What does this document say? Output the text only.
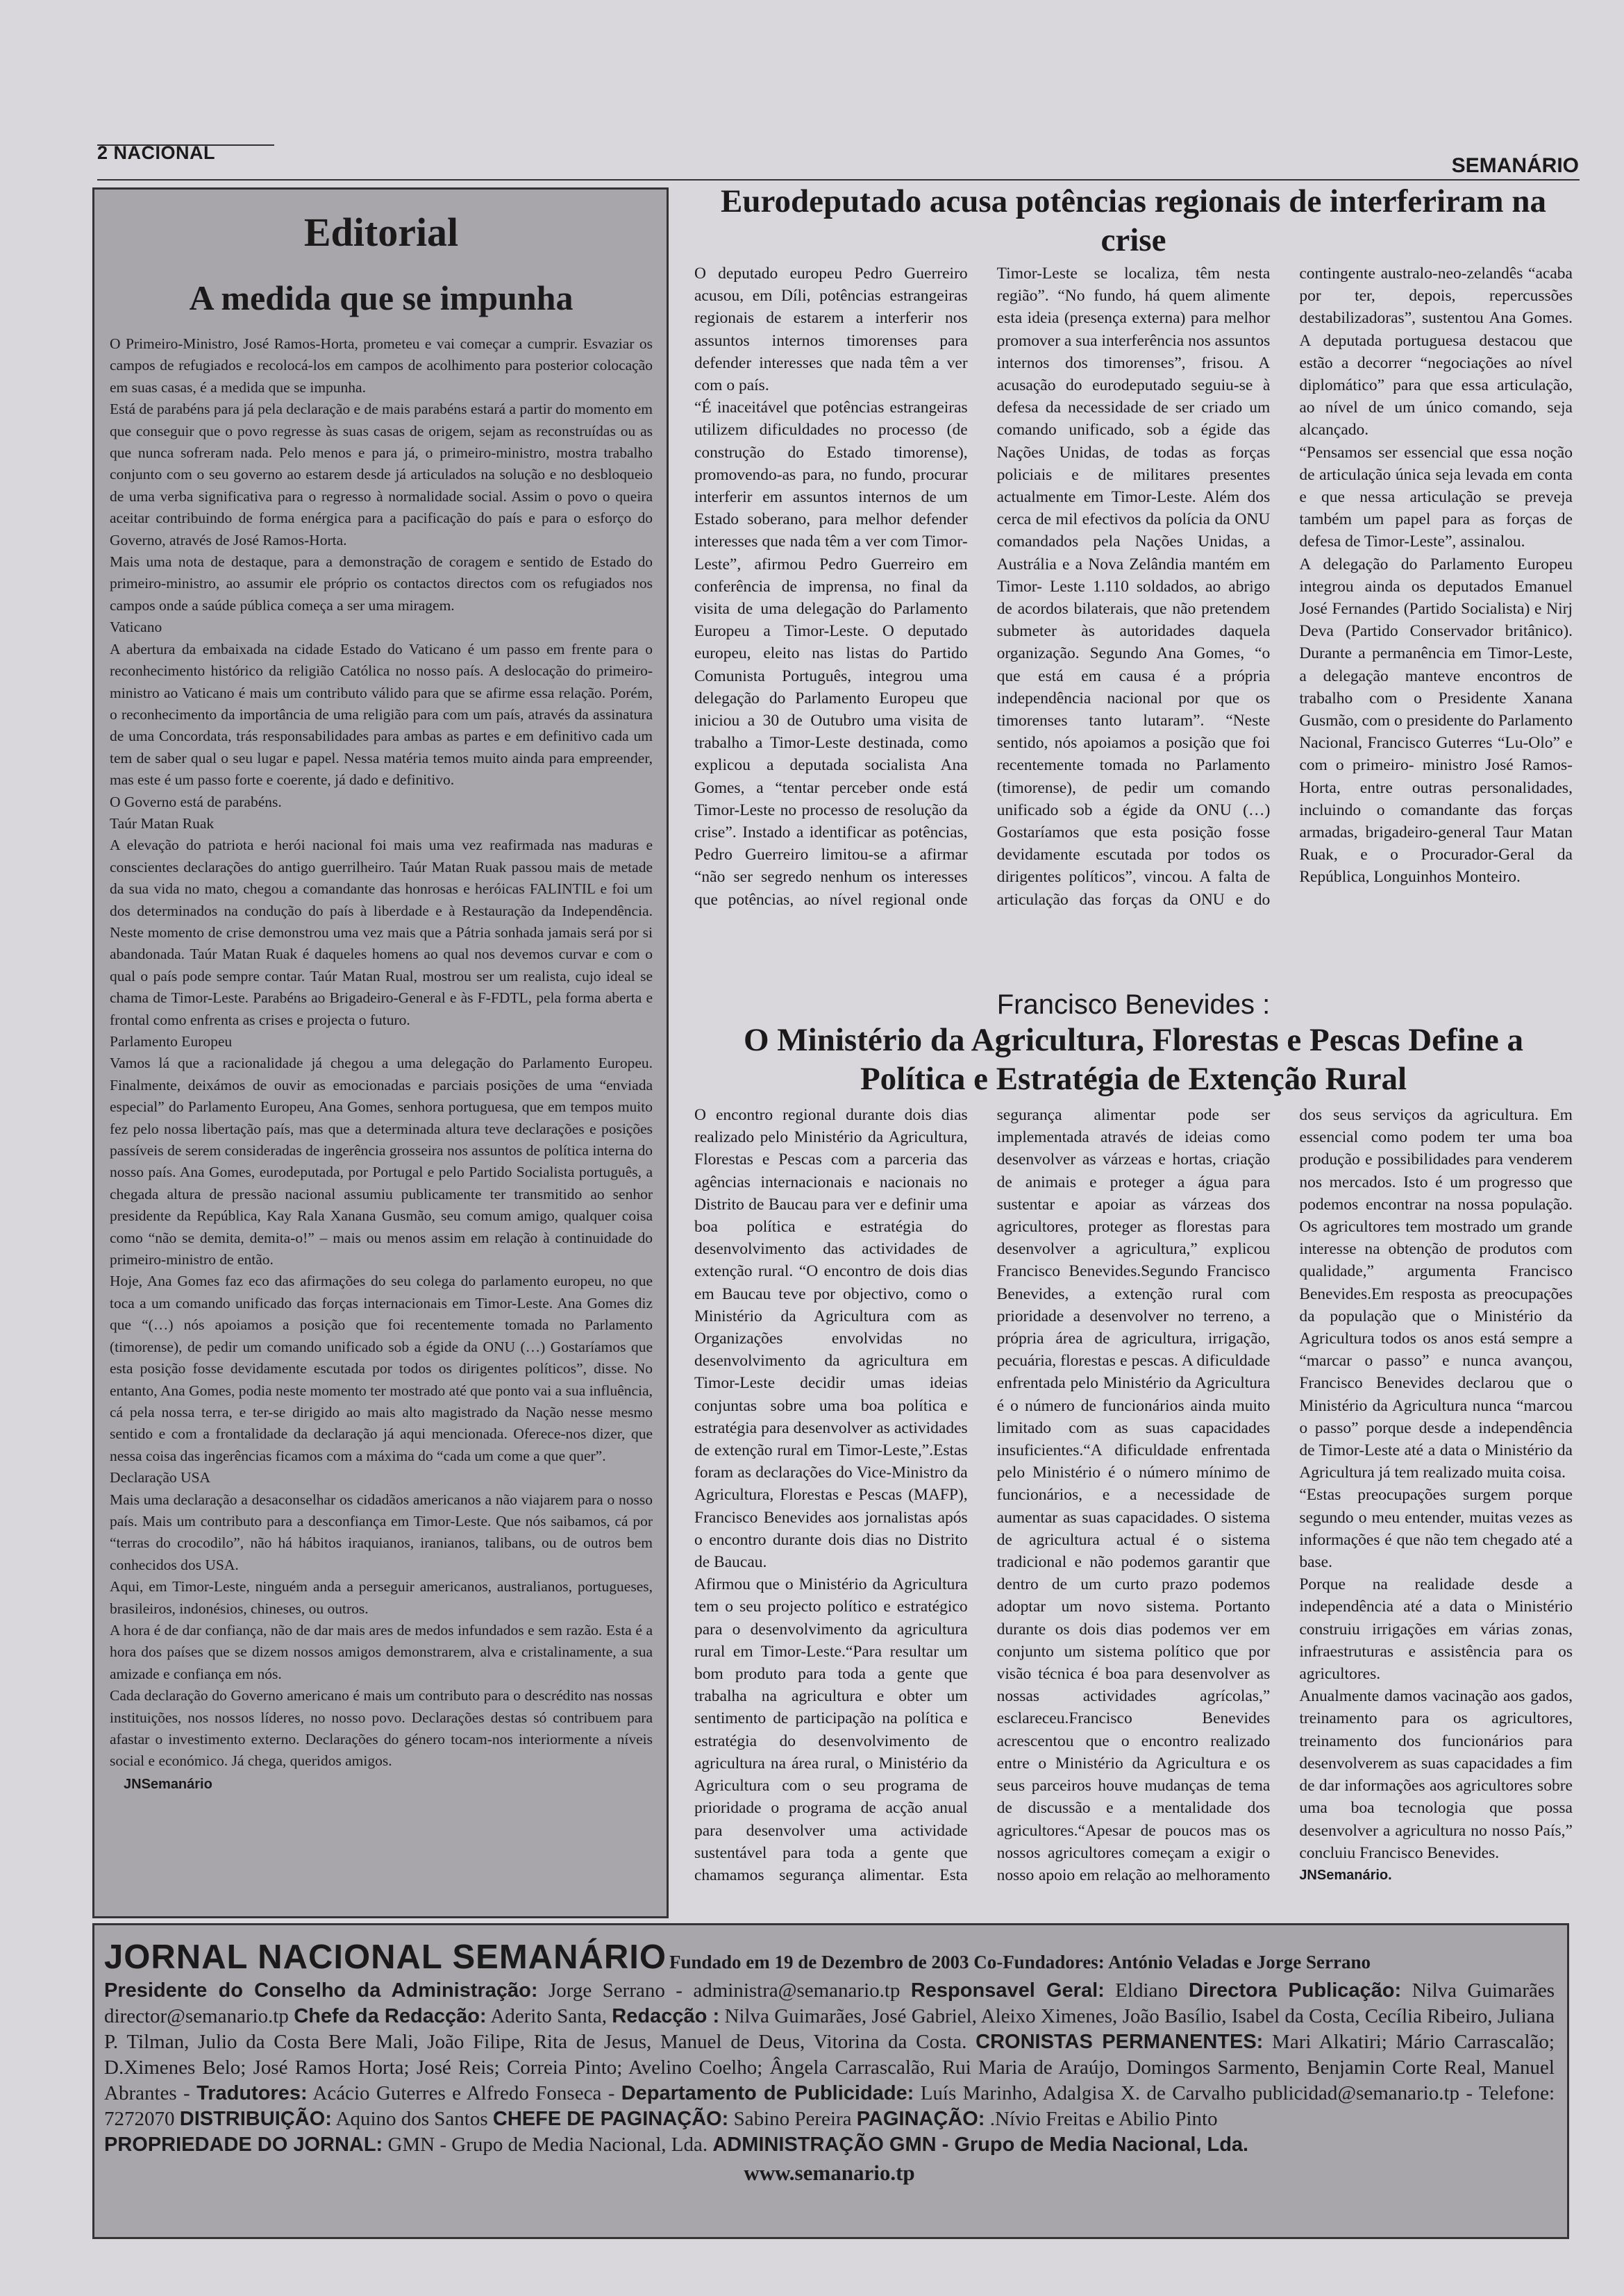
2 NACIONAL
SEMANÁRIO
Editorial
A medida que se impunha

O Primeiro-Ministro, José Ramos-Horta, prometeu e vai começar a cumprir. Esvaziar os campos de refugiados e recolocá-los em campos de acolhimento para posterior colocação em suas casas, é a medida que se impunha.

Está de parabéns para já pela declaração e de mais parabéns estará a partir do momento em que conseguir que o povo regresse às suas casas de origem, sejam as reconstruídas ou as que nunca sofreram nada. Pelo menos e para já, o primeiro-ministro, mostra trabalho conjunto com o seu governo ao estarem desde já articulados na solução e no desbloqueio de uma verba significativa para o regresso à normalidade social. Assim o povo o queira aceitar contribuindo de forma enérgica para a pacificação do país e para o esforço do Governo, através de José Ramos-Horta.

Mais uma nota de destaque, para a demonstração de coragem e sentido de Estado do primeiro-ministro, ao assumir ele próprio os contactos directos com os refugiados nos campos onde a saúde pública começa a ser uma miragem.

Vaticano

A abertura da embaixada na cidade Estado do Vaticano é um passo em frente para o reconhecimento histórico da religião Católica no nosso país. A deslocação do primeiro-ministro ao Vaticano é mais um contributo válido para que se afirme essa relação. Porém, o reconhecimento da importância de uma religião para com um país, através da assinatura de uma Concordata, trás responsabilidades para ambas as partes e em definitivo cada um tem de saber qual o seu lugar e papel. Nessa matéria temos muito ainda para empreender, mas este é um passo forte e coerente, já dado e definitivo.

O Governo está de parabéns.

Taúr Matan Ruak

A elevação do patriota e herói nacional foi mais uma vez reafirmada nas maduras e conscientes declarações do antigo guerrilheiro. Taúr Matan Ruak passou mais de metade da sua vida no mato, chegou a comandante das honrosas e heróicas FALINTIL e foi um dos determinados na condução do país à liberdade e à Restauração da Independência. Neste momento de crise demonstrou uma vez mais que a Pátria sonhada jamais será por si abandonada. Taúr Matan Ruak é daqueles homens ao qual nos devemos curvar e com o qual o país pode sempre contar. Taúr Matan Rual, mostrou ser um realista, cujo ideal se chama de Timor-Leste. Parabéns ao Brigadeiro-General e às F-FDTL, pela forma aberta e frontal como enfrenta as crises e projecta o futuro.

Parlamento Europeu

Vamos lá que a racionalidade já chegou a uma delegação do Parlamento Europeu. Finalmente, deixámos de ouvir as emocionadas e parciais posições de uma “enviada especial” do Parlamento Europeu, Ana Gomes, senhora portuguesa, que em tempos muito fez pelo nossa libertação país, mas que a determinada altura teve declarações e posições passíveis de serem consideradas de ingerência grosseira nos assuntos de política interna do nosso país. Ana Gomes, eurodeputada, por Portugal e pelo Partido Socialista português, a chegada altura de pressão nacional assumiu publicamente ter transmitido ao senhor presidente da República, Kay Rala Xanana Gusmão, seu comum amigo, qualquer coisa como “não se demita, demita-o!” – mais ou menos assim em relação à continuidade do primeiro-ministro de então.

Hoje, Ana Gomes faz eco das afirmações do seu colega do parlamento europeu, no que toca a um comando unificado das forças internacionais em Timor-Leste. Ana Gomes diz que “(…) nós apoiamos a posição que foi recentemente tomada no Parlamento (timorense), de pedir um comando unificado sob a égide da ONU (…) Gostaríamos que esta posição fosse devidamente escutada por todos os dirigentes políticos”, disse. No entanto, Ana Gomes, podia neste momento ter mostrado até que ponto vai a sua influência, cá pela nossa terra, e ter-se dirigido ao mais alto magistrado da Nação nesse mesmo sentido e com a frontalidade da declaração já aqui mencionada. Oferece-nos dizer, que nessa coisa das ingerências ficamos com a máxima do “cada um come a que quer”.

Declaração USA

Mais uma declaração a desaconselhar os cidadãos americanos a não viajarem para o nosso país. Mais um contributo para a desconfiança em Timor-Leste. Que nós saibamos, cá por “terras do crocodilo”, não há hábitos iraquianos, iranianos, talibans, ou de outros bem conhecidos dos USA.

Aqui, em Timor-Leste, ninguém anda a perseguir americanos, australianos, portugueses, brasileiros, indonésios, chineses, ou outros.

A hora é de dar confiança, não de dar mais ares de medos infundados e sem razão. Esta é a hora dos países que se dizem nossos amigos demonstrarem, alva e cristalinamente, a sua amizade e confiança em nós.

Cada declaração do Governo americano é mais um contributo para o descrédito nas nossas instituições, nos nossos líderes, no nosso povo. Declarações destas só contribuem para afastar o investimento externo. Declarações do género tocam-nos interiormente a níveis social e económico. Já chega, queridos amigos.

JNSemanário
Eurodeputado acusa potências regionais de interferiram na crise

O deputado europeu Pedro Guerreiro acusou, em Díli, potências estrangeiras regionais de estarem a interferir nos assuntos internos timorenses para defender interesses que nada têm a ver com o país.

“É inaceitável que potências estrangeiras utilizem dificuldades no processo (de construção do Estado timorense), promovendo-as para, no fundo, procurar interferir em assuntos internos de um Estado soberano, para melhor defender interesses que nada têm a ver com Timor-Leste”, afirmou Pedro Guerreiro em conferência de imprensa, no final da visita de uma delegação do Parlamento Europeu a Timor-Leste. O deputado europeu, eleito nas listas do Partido Comunista Português, integrou uma delegação do Parlamento Europeu que iniciou a 30 de Outubro uma visita de trabalho a Timor-Leste destinada, como explicou a deputada socialista Ana Gomes, a “tentar perceber onde está Timor-Leste no processo de resolução da crise”. Instado a identificar as potências, Pedro Guerreiro limitou-se a afirmar “não ser segredo nenhum os interesses que potências, ao nível regional onde Timor-Leste se localiza, têm nesta região”. “No fundo, há quem alimente esta ideia (presença externa) para melhor promover a sua interferência nos assuntos internos dos timorenses”, frisou. A acusação do eurodeputado seguiu-se à defesa da necessidade de ser criado um comando unificado, sob a égide das Nações Unidas, de todas as forças policiais e de militares presentes actualmente em Timor-Leste. Além dos cerca de mil efectivos da polícia da ONU comandados pela Nações Unidas, a Austrália e a Nova Zelândia mantém em Timor- Leste 1.110 soldados, ao abrigo de acordos bilaterais, que não pretendem submeter às autoridades daquela organização. Segundo Ana Gomes, “o que está em causa é a própria independência nacional por que os timorenses tanto lutaram”. “Neste sentido, nós apoiamos a posição que foi recentemente tomada no Parlamento (timorense), de pedir um comando unificado sob a égide da ONU (…) Gostaríamos que esta posição fosse devidamente escutada por todos os dirigentes políticos”, vincou. A falta de articulação das forças da ONU e do contingente australo-neo-zelandês “acaba por ter, depois, repercussões destabilizadoras”, sustentou Ana Gomes. A deputada portuguesa destacou que estão a decorrer “negociações ao nível diplomático” para que essa articulação, ao nível de um único comando, seja alcançado.

“Pensamos ser essencial que essa noção de articulação única seja levada em conta e que nessa articulação se preveja também um papel para as forças de defesa de Timor-Leste”, assinalou.

A delegação do Parlamento Europeu integrou ainda os deputados Emanuel José Fernandes (Partido Socialista) e Nirj Deva (Partido Conservador britânico). Durante a permanência em Timor-Leste, a delegação manteve encontros de trabalho com o Presidente Xanana Gusmão, com o presidente do Parlamento Nacional, Francisco Guterres “Lu-Olo” e com o primeiro- ministro José Ramos-Horta, entre outras personalidades, incluindo o comandante das forças armadas, brigadeiro-general Taur Matan Ruak, e o Procurador-Geral da República, Longuinhos Monteiro.

Francisco Benevides :
O Ministério da Agricultura, Florestas e Pescas Define a Política e Estratégia de Extenção Rural

O encontro regional durante dois dias realizado pelo Ministério da Agricultura, Florestas e Pescas com a parceria das agências internacionais e nacionais no Distrito de Baucau para ver e definir uma boa política e estratégia do desenvolvimento das actividades de extenção rural. “O encontro de dois dias em Baucau teve por objectivo, como o Ministério da Agricultura com as Organizações envolvidas no desenvolvimento da agricultura em Timor-Leste decidir umas ideias conjuntas sobre uma boa política e estratégia para desenvolver as actividades de extenção rural em Timor-Leste,”.Estas foram as declarações do Vice-Ministro da Agricultura, Florestas e Pescas (MAFP), Francisco Benevides aos jornalistas após o encontro durante dois dias no Distrito de Baucau.

Afirmou que o Ministério da Agricultura tem o seu projecto político e estratégico para o desenvolvimento da agricultura rural em Timor-Leste.“Para resultar um bom produto para toda a gente que trabalha na agricultura e obter um sentimento de participação na política e estratégia do desenvolvimento de agricultura na área rural, o Ministério da Agricultura com o seu programa de prioridade o programa de acção anual para desenvolver uma actividade sustentável para toda a gente que chamamos segurança alimentar. Esta segurança alimentar pode ser implementada através de ideias como desenvolver as várzeas e hortas, criação de animais e proteger a água para sustentar e apoiar as várzeas dos agricultores, proteger as florestas para desenvolver a agricultura,” explicou Francisco Benevides.Segundo Francisco Benevides, a extenção rural com prioridade a desenvolver no terreno, a própria área de agricultura, irrigação, pecuária, florestas e pescas. A dificuldade enfrentada pelo Ministério da Agricultura é o número de funcionários ainda muito limitado com as suas capacidades insuficientes.“A dificuldade enfrentada pelo Ministério é o número mínimo de funcionários, e a necessidade de aumentar as suas capacidades. O sistema de agricultura actual é o sistema tradicional e não podemos garantir que dentro de um curto prazo podemos adoptar um novo sistema. Portanto durante os dois dias podemos ver em conjunto um sistema político que por visão técnica é boa para desenvolver as nossas actividades agrícolas,” esclareceu.Francisco Benevides acrescentou que o encontro realizado entre o Ministério da Agricultura e os seus parceiros houve mudanças de tema de discussão e a mentalidade dos agricultores.“Apesar de poucos mas os nossos agricultores começam a exigir o nosso apoio em relação ao melhoramento dos seus serviços da agricultura. Em essencial como podem ter uma boa produção e possibilidades para venderem nos mercados. Isto é um progresso que podemos encontrar na nossa população. Os agricultores tem mostrado um grande interesse na obtenção de produtos com qualidade,” argumenta Francisco Benevides.Em resposta as preocupações da população que o Ministério da Agricultura todos os anos está sempre a “marcar o passo” e nunca avançou, Francisco Benevides declarou que o Ministério da Agricultura nunca “marcou o passo” porque desde a independência de Timor-Leste até a data o Ministério da Agricultura já tem realizado muita coisa.

“Estas preocupações surgem porque segundo o meu entender, muitas vezes as informações é que não tem chegado até a base.

Porque na realidade desde a independência até a data o Ministério construiu irrigações em várias zonas, infraestruturas e assistência para os agricultores.

Anualmente damos vacinação aos gados, treinamento para os agricultores, treinamento dos funcionários para desenvolverem as suas capacidades a fim de dar informações aos agricultores sobre uma boa tecnologia que possa desenvolver a agricultura no nosso País,” concluiu Francisco Benevides.

JNSemanário.

JORNAL NACIONAL SEMANÁRIO Fundado em 19 de Dezembro de 2003 Co-Fundadores: António Veladas e Jorge Serrano
Presidente do Conselho da Administração: Jorge Serrano - administra@semanario.tp Responsavel Geral: Eldiano Directora Publicação: Nilva Guimarães director@semanario.tp Chefe da Redacção: Aderito Santa, Redacção : Nilva Guimarães, José Gabriel, Aleixo Ximenes, João Basílio, Isabel da Costa, Cecília Ribeiro, Juliana P. Tilman, Julio da Costa Bere Mali, João Filipe, Rita de Jesus, Manuel de Deus, Vitorina da Costa. CRONISTAS PERMANENTES: Mari Alkatiri; Mário Carrascalão; D.Ximenes Belo; José Ramos Horta; José Reis; Correia Pinto; Avelino Coelho; Ângela Carrascalão, Rui Maria de Araújo, Domingos Sarmento, Benjamin Corte Real, Manuel Abrantes - Tradutores: Acácio Guterres e Alfredo Fonseca - Departamento de Publicidade: Luís Marinho, Adalgisa X. de Carvalho publicidad@semanario.tp - Telefone: 7272070 DISTRIBUIÇÃO: Aquino dos Santos CHEFE DE PAGINAÇÃO: Sabino Pereira PAGINAÇÃO: .Nívio Freitas e Abilio Pinto
PROPRIEDADE DO JORNAL: GMN - Grupo de Media Nacional, Lda. ADMINISTRAÇÃO GMN - Grupo de Media Nacional, Lda.
www.semanario.tp
